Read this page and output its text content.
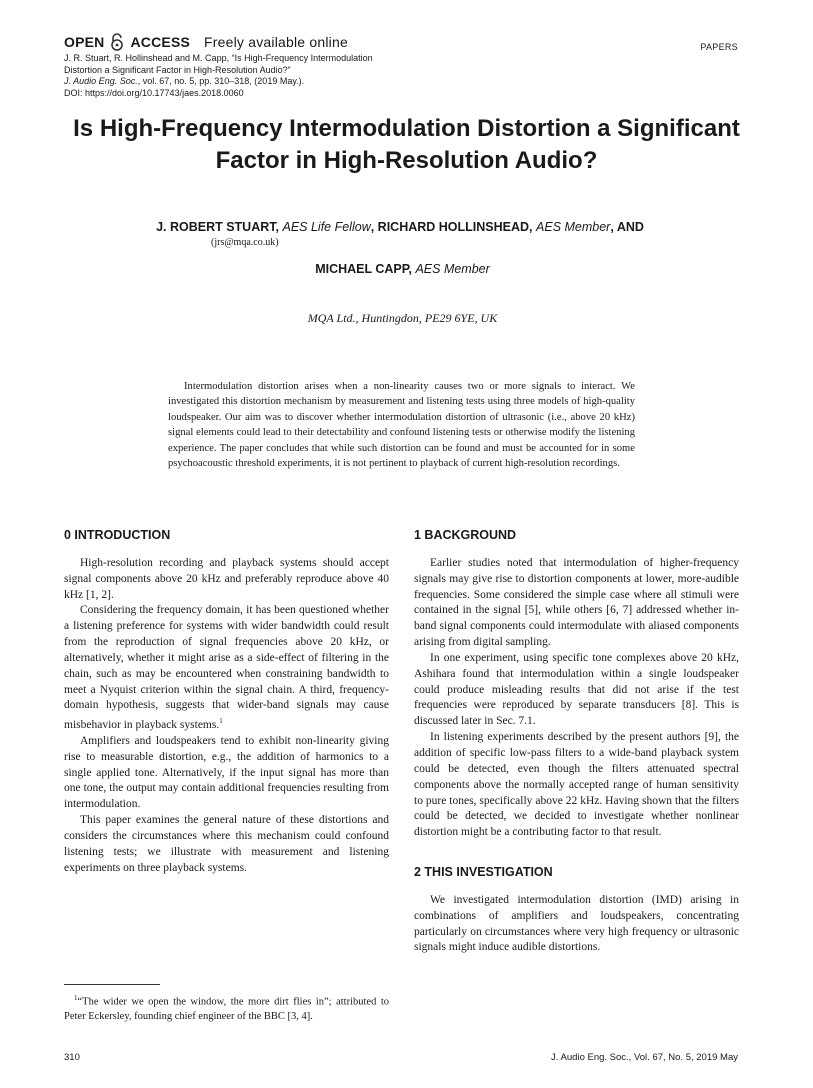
OPEN ACCESS Freely available online
J. R. Stuart, R. Hollinshead and M. Capp, “Is High-Frequency Intermodulation
Distortion a Significant Factor in High-Resolution Audio?”
J. Audio Eng. Soc., vol. 67, no. 5, pp. 310–318, (2019 May.).
DOI: https://doi.org/10.17743/jaes.2018.0060
PAPERS
Is High-Frequency Intermodulation Distortion a Significant Factor in High-Resolution Audio?
J. ROBERT STUART, AES Life Fellow, RICHARD HOLLINSHEAD, AES Member, AND
(jrs@mqa.co.uk)
MICHAEL CAPP, AES Member
MQA Ltd., Huntingdon, PE29 6YE, UK
Intermodulation distortion arises when a non-linearity causes two or more signals to interact. We investigated this distortion mechanism by measurement and listening tests using three models of high-quality loudspeaker. Our aim was to discover whether intermodulation distortion of ultrasonic (i.e., above 20 kHz) signal elements could lead to their detectability and confound listening tests or otherwise modify the listening experience. The paper concludes that while such distortion can be found and must be accounted for in some psychoacoustic threshold experiments, it is not pertinent to playback of current high-resolution recordings.
0 INTRODUCTION

High-resolution recording and playback systems should accept signal components above 20 kHz and preferably reproduce above 40 kHz [1, 2].

Considering the frequency domain, it has been questioned whether a listening preference for systems with wider bandwidth could result from the reproduction of signal frequencies above 20 kHz, or alternatively, whether it might arise as a side-effect of filtering in the chain, such as may be encountered when constraining bandwidth to meet a Nyquist criterion within the signal chain. A third, frequency-domain hypothesis, suggests that wider-band signals may cause misbehavior in playback systems.$^1$

Amplifiers and loudspeakers tend to exhibit non-linearity giving rise to measurable distortion, e.g., the addition of harmonics to a single applied tone. Alternatively, if the input signal has more than one tone, the output may contain additional frequencies resulting from intermodulation.

This paper examines the general nature of these distortions and considers the circumstances where this mechanism could confound listening tests; we illustrate with measurement and listening experiments on three playback systems.

1 BACKGROUND

Earlier studies noted that intermodulation of higher-frequency signals may give rise to distortion components at lower, more-audible frequencies. Some considered the simple case where all stimuli were contained in the signal [5], while others [6, 7] addressed whether in-band signal components could intermodulate with aliased components arising from digital sampling.

In one experiment, using specific tone complexes above 20 kHz, Ashihara found that intermodulation within a single loudspeaker could produce misleading results that did not arise if the test frequencies were reproduced by separate transducers [8]. This is discussed later in Sec. 7.1.

In listening experiments described by the present authors [9], the addition of specific low-pass filters to a wide-band playback system could be detected, even though the filters attenuated spectral components above the normally accepted range of human sensitivity to pure tones, specifically above 22 kHz. Having shown that the filters could be detected, we decided to investigate whether nonlinear distortion might be a contributing factor to that result.

2 THIS INVESTIGATION

We investigated intermodulation distortion (IMD) arising in combinations of amplifiers and loudspeakers, concentrating particularly on circumstances where very high frequency or ultrasonic signals might induce audible distortions.

$^1$“The wider we open the window, the more dirt flies in”; attributed to Peter Eckersley, founding chief engineer of the BBC [3, 4].
310	J. Audio Eng. Soc., Vol. 67, No. 5, 2019 May
